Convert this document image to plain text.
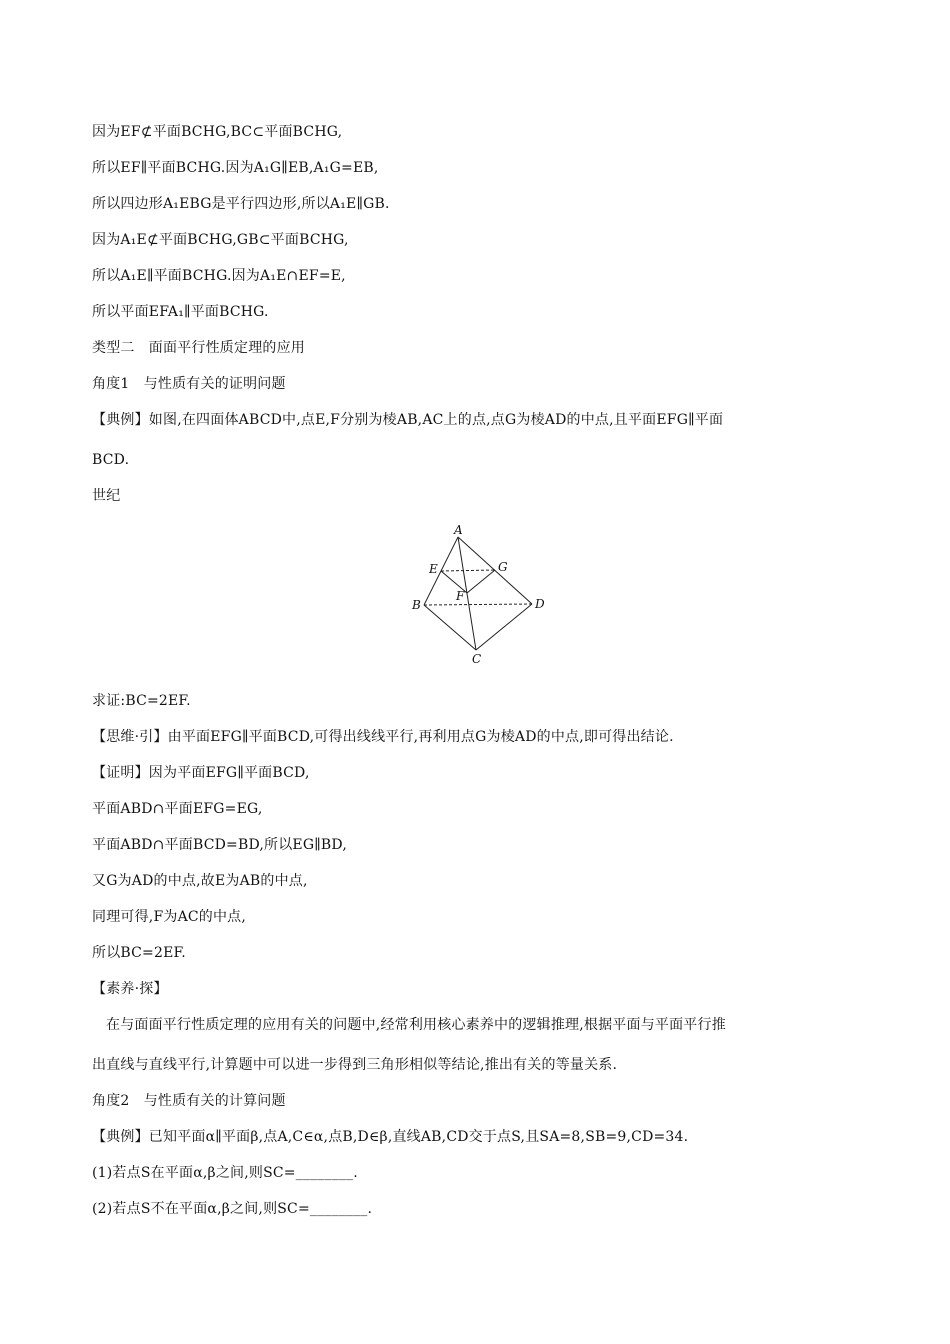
因为EF⊄平面BCHG,BC⊂平面BCHG,
所以EF∥平面BCHG.因为A₁G∥EB,A₁G=EB,
所以四边形A₁EBG是平行四边形,所以A₁E∥GB.
因为A₁E⊄平面BCHG,GB⊂平面BCHG,
所以A₁E∥平面BCHG.因为A₁E∩EF=E,
所以平面EFA₁∥平面BCHG.
类型二　面面平行性质定理的应用
角度1　与性质有关的证明问题
【典例】如图,在四面体ABCD中,点E,F分别为棱AB,AC上的点,点G为棱AD的中点,且平面EFG∥平面
BCD.
世纪
A
E	G
F
B	D
C
求证:BC=2EF.
【思维·引】由平面EFG∥平面BCD,可得出线线平行,再利用点G为棱AD的中点,即可得出结论.
【证明】因为平面EFG∥平面BCD,
平面ABD∩平面EFG=EG,
平面ABD∩平面BCD=BD,所以EG∥BD,
又G为AD的中点,故E为AB的中点,
同理可得,F为AC的中点,
所以BC=2EF.
【素养·探】
在与面面平行性质定理的应用有关的问题中,经常利用核心素养中的逻辑推理,根据平面与平面平行推
出直线与直线平行,计算题中可以进一步得到三角形相似等结论,推出有关的等量关系.
角度2　与性质有关的计算问题
【典例】已知平面α∥平面β,点A,C∈α,点B,D∈β,直线AB,CD交于点S,且SA=8,SB=9,CD=34.
(1)若点S在平面α,β之间,则SC=________.
(2)若点S不在平面α,β之间,则SC=________.
